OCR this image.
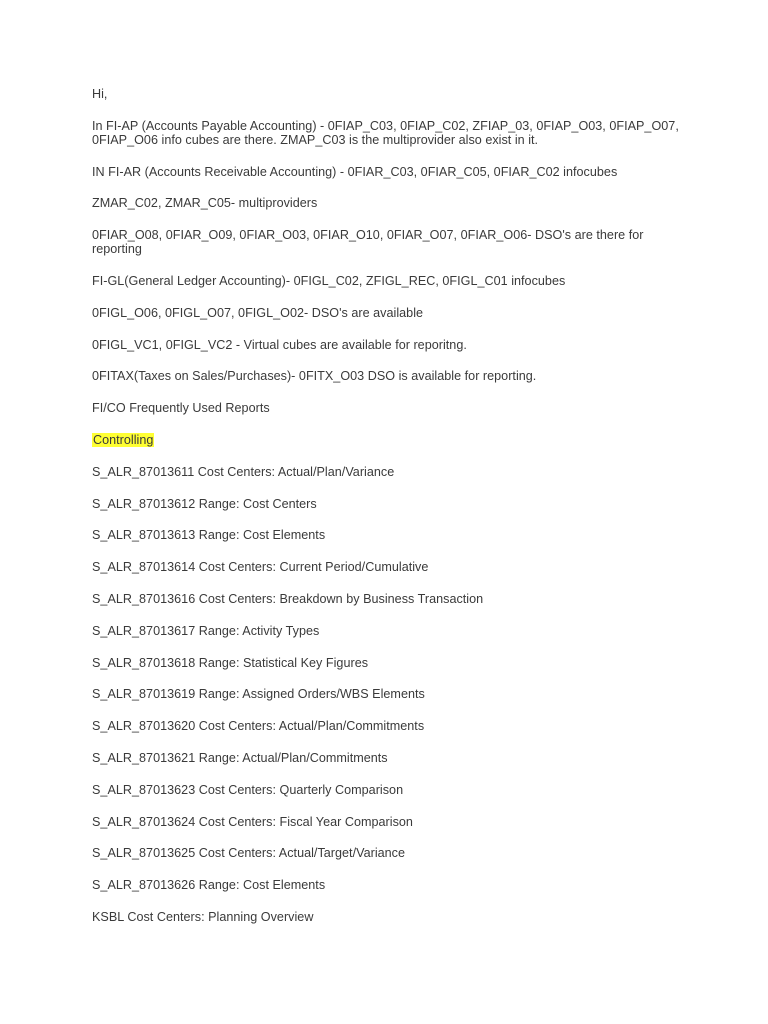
Hi,

In FI-AP (Accounts Payable Accounting) - 0FIAP_C03, 0FIAP_C02, ZFIAP_03, 0FIAP_O03, 0FIAP_O07, 0FIAP_O06 info cubes are there. ZMAP_C03 is the multiprovider also exist in it.

IN FI-AR (Accounts Receivable Accounting) - 0FIAR_C03, 0FIAR_C05, 0FIAR_C02 infocubes

ZMAR_C02, ZMAR_C05- multiproviders

0FIAR_O08, 0FIAR_O09, 0FIAR_O03, 0FIAR_O10, 0FIAR_O07, 0FIAR_O06- DSO's are there for reporting

FI-GL(General Ledger Accounting)- 0FIGL_C02, ZFIGL_REC, 0FIGL_C01 infocubes

0FIGL_O06, 0FIGL_O07, 0FIGL_O02- DSO's are available

0FIGL_VC1, 0FIGL_VC2 - Virtual cubes are available for reporitng.

0FITAX(Taxes on Sales/Purchases)- 0FITX_O03 DSO is available for reporting.

FI/CO Frequently Used Reports

Controlling

S_ALR_87013611 Cost Centers: Actual/Plan/Variance

S_ALR_87013612 Range: Cost Centers

S_ALR_87013613 Range: Cost Elements

S_ALR_87013614 Cost Centers: Current Period/Cumulative

S_ALR_87013616 Cost Centers: Breakdown by Business Transaction

S_ALR_87013617 Range: Activity Types

S_ALR_87013618 Range: Statistical Key Figures

S_ALR_87013619 Range: Assigned Orders/WBS Elements

S_ALR_87013620 Cost Centers: Actual/Plan/Commitments

S_ALR_87013621 Range: Actual/Plan/Commitments

S_ALR_87013623 Cost Centers: Quarterly Comparison

S_ALR_87013624 Cost Centers: Fiscal Year Comparison

S_ALR_87013625 Cost Centers: Actual/Target/Variance

S_ALR_87013626 Range: Cost Elements

KSBL Cost Centers: Planning Overview
